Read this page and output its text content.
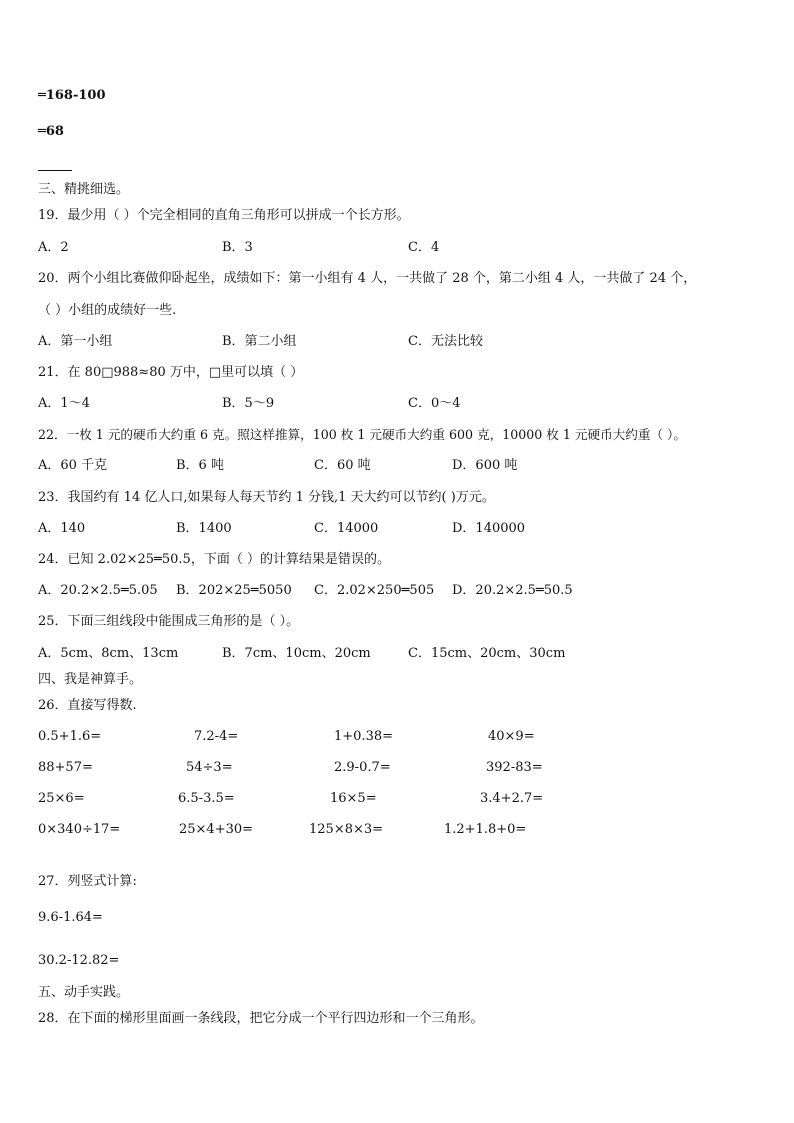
═168-100
═68
三、精挑细选。
19．最少用（ ）个完全相同的直角三角形可以拼成一个长方形。
A．2	B．3	C．4
20．两个小组比赛做仰卧起坐，成绩如下：第一小组有 4 人，一共做了 28 个，第二小组 4 人，一共做了 24 个，
（ ）小组的成绩好一些.
A．第一小组	B．第二小组	C．无法比较
21．在 80□988≈80 万中，□里可以填（ ）
A．1～4	B．5～9	C．0～4
22．一枚 1 元的硬币大约重 6 克。照这样推算，100 枚 1 元硬币大约重 600 克，10000 枚 1 元硬币大约重（ ）。
A．60 千克	B．6 吨	C．60 吨	D．600 吨
23．我国约有 14 亿人口,如果每人每天节约 1 分钱,1 天大约可以节约( )万元。
A．140	B．1400	C．14000	D．140000
24．已知 2.02×25═50.5，下面（ ）的计算结果是错误的。
A．20.2×2.5═5.05 B．202×25═5050 C．2.02×250═505 D．20.2×2.5═50.5
25．下面三组线段中能围成三角形的是（ ）。
A．5cm、8cm、13cm	B．7cm、10cm、20cm	C．15cm、20cm、30cm
四、我是神算手。
26．直接写得数.
0.5+1.6=	7.2-4=	1+0.38=	40×9=
88+57=	54÷3=	2.9-0.7=	392-83=
25×6=	6.5-3.5=	16×5=	3.4+2.7=
0×340÷17=	25×4+30=	125×8×3=	1.2+1.8+0=
27．列竖式计算:
9.6-1.64=
30.2-12.82=
五、动手实践。
28．在下面的梯形里面画一条线段，把它分成一个平行四边形和一个三角形。
